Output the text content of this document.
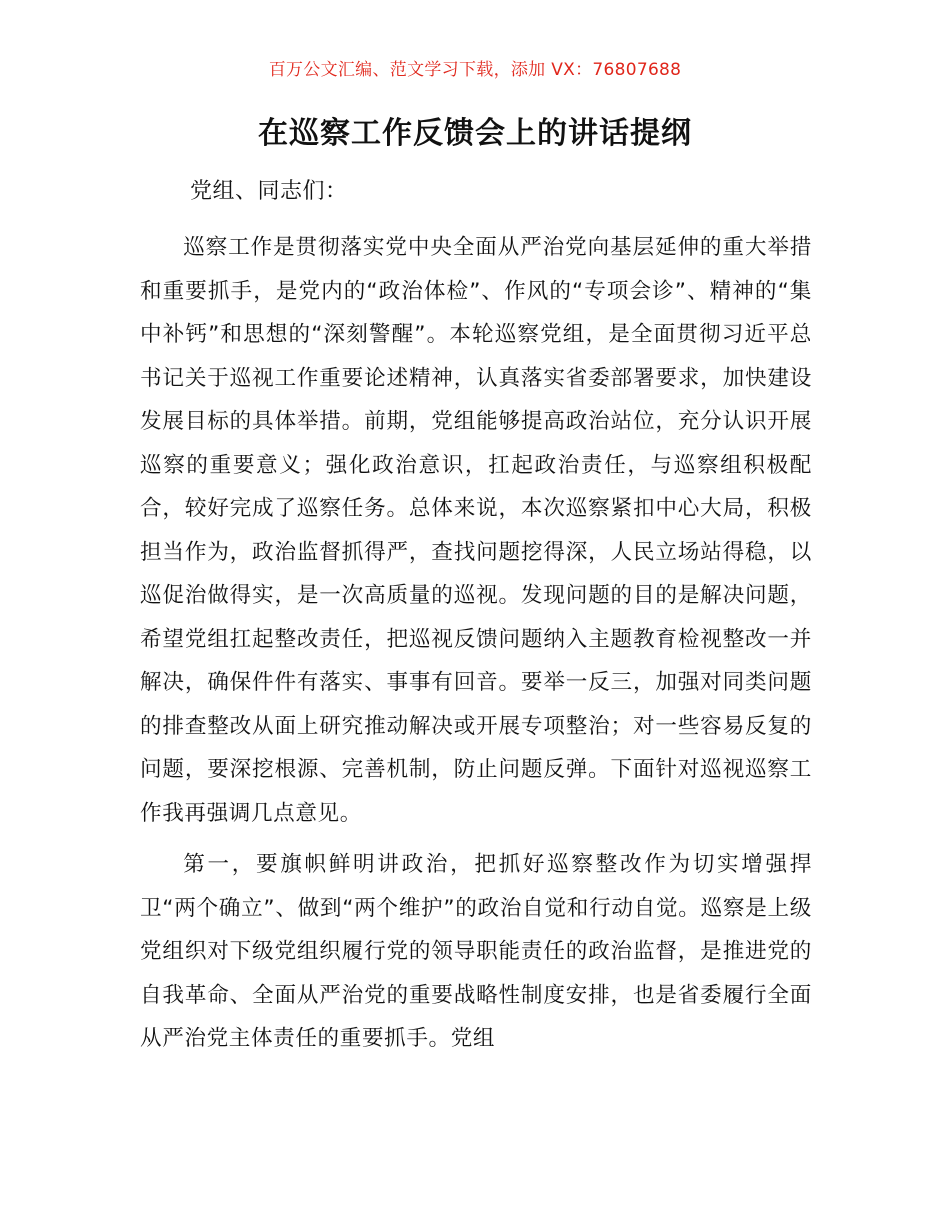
百万公文汇编、范文学习下载，添加 VX：76807688
在巡察工作反馈会上的讲话提纲
党组、同志们：

巡察工作是贯彻落实党中央全面从严治党向基层延伸的重大举措和重要抓手，是党内的“政治体检”、作风的“专项会诊”、精神的“集中补钙”和思想的“深刻警醒”。本轮巡察党组，是全面贯彻习近平总书记关于巡视工作重要论述精神，认真落实省委部署要求，加快建设发展目标的具体举措。前期，党组能够提高政治站位，充分认识开展巡察的重要意义；强化政治意识，扛起政治责任，与巡察组积极配合，较好完成了巡察任务。总体来说，本次巡察紧扣中心大局，积极担当作为，政治监督抓得严，查找问题挖得深，人民立场站得稳，以巡促治做得实，是一次高质量的巡视。发现问题的目的是解决问题，希望党组扛起整改责任，把巡视反馈问题纳入主题教育检视整改一并解决，确保件件有落实、事事有回音。要举一反三，加强对同类问题的排查整改从面上研究推动解决或开展专项整治；对一些容易反复的问题，要深挖根源、完善机制，防止问题反弹。下面针对巡视巡察工作我再强调几点意见。

第一，要旗帜鲜明讲政治，把抓好巡察整改作为切实增强捍卫“两个确立”、做到“两个维护”的政治自觉和行动自觉。巡察是上级党组织对下级党组织履行党的领导职能责任的政治监督，是推进党的自我革命、全面从严治党的重要战略性制度安排，也是省委履行全面从严治党主体责任的重要抓手。党组
